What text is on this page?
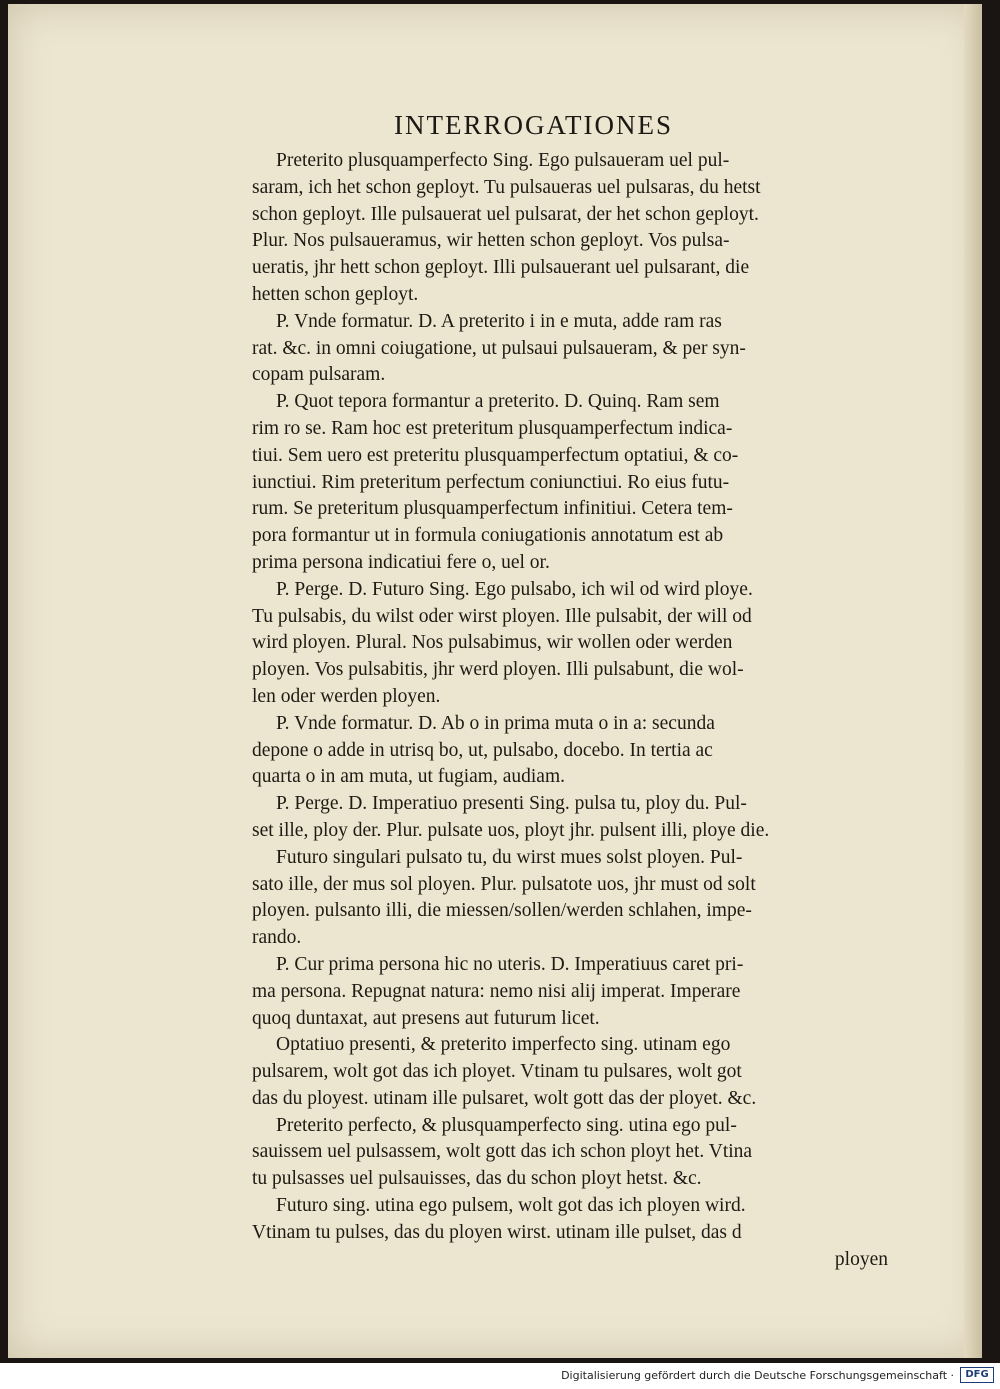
INTERROGATIONES
Preterito plusquamperfecto Sing. Ego pulsaueram uel pul-
saram, ich het schon geployt. Tu pulsaueras uel pulsaras, du hetst
schon geployt. Ille pulsauerat uel pulsarat, der het schon geployt.
Plur. Nos pulsaueramus, wir hetten schon geployt. Vos pulsa-
ueratis, jhr hett schon geployt. Illi pulsauerant uel pulsarant, die
hetten schon geployt.
P. Vnde formatur. D. A preterito i in e muta, adde ram ras
rat. &c. in omni coiugatione, ut pulsaui pulsaueram, & per syn-
copam pulsaram.
P. Quot tepora formantur a preterito. D. Quinq. Ram sem
rim ro se. Ram hoc est preteritum plusquamperfectum indica-
tiui. Sem uero est preteritu plusquamperfectum optatiui, & co-
iunctiui. Rim preteritum perfectum coniunctiui. Ro eius futu-
rum. Se preteritum plusquamperfectum infinitiui. Cetera tem-
pora formantur ut in formula coniugationis annotatum est ab
prima persona indicatiui fere o, uel or.
P. Perge. D. Futuro Sing. Ego pulsabo, ich wil od wird ploye.
Tu pulsabis, du wilst oder wirst ployen. Ille pulsabit, der will od
wird ployen. Plural. Nos pulsabimus, wir wollen oder werden
ployen. Vos pulsabitis, jhr werd ployen. Illi pulsabunt, die wol-
len oder werden ployen.
P. Vnde formatur. D. Ab o in prima muta o in a: secunda
depone o adde in utrisq bo, ut, pulsabo, docebo. In tertia ac
quarta o in am muta, ut fugiam, audiam.
P. Perge. D. Imperatiuo presenti Sing. pulsa tu, ploy du. Pul-
set ille, ploy der. Plur. pulsate uos, ployt jhr. pulsent illi, ploye die.
Futuro singulari pulsato tu, du wirst mues solst ployen. Pul-
sato ille, der mus sol ployen. Plur. pulsatote uos, jhr must od solt
ployen. pulsanto illi, die miessen/sollen/werden schlahen, impe-
rando.
P. Cur prima persona hic no uteris. D. Imperatiuus caret pri-
ma persona. Repugnat natura: nemo nisi alij imperat. Imperare
quoq duntaxat, aut presens aut futurum licet.
Optatiuo presenti, & preterito imperfecto sing. utinam ego
pulsarem, wolt got das ich ployet. Vtinam tu pulsares, wolt got
das du ployest. utinam ille pulsaret, wolt gott das der ployet. &c.
Preterito perfecto, & plusquamperfecto sing. utina ego pul-
sauissem uel pulsassem, wolt gott das ich schon ployt het. Vtina
tu pulsasses uel pulsauisses, das du schon ployt hetst. &c.
Futuro sing. utina ego pulsem, wolt got das ich ployen wird.
Vtinam tu pulses, das du ployen wirst. utinam ille pulset, das d
ployen
Digitalisierung gefördert durch die Deutsche Forschungsgemeinschaft ·	DFG
